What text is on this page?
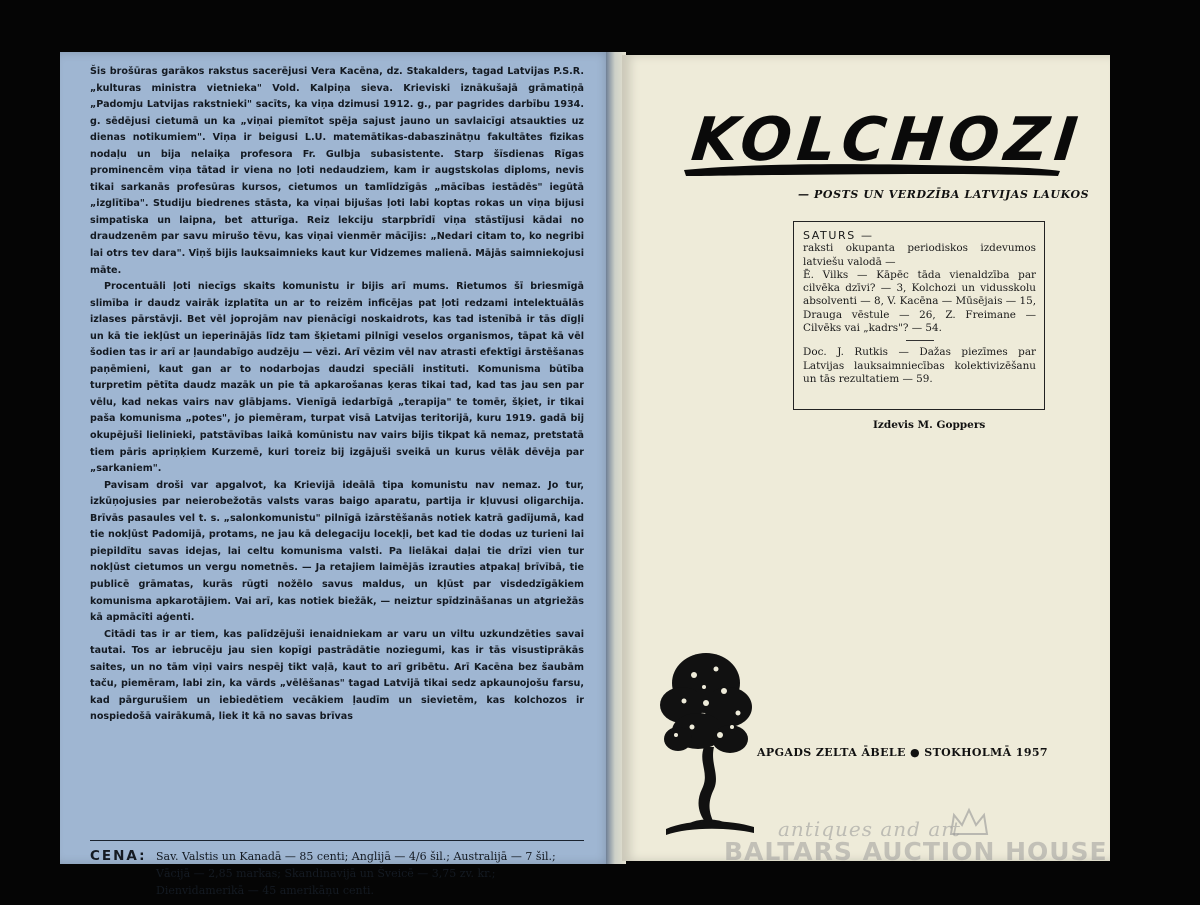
Šis brošūras garākos rakstus sacerējusi Vera Kacēna, dz. Stakalders, tagad Latvijas P.S.R. „kulturas ministra vietnieka" Vold. Kalpiņa sieva. Krieviski iznākušajā grāmatiņā „Padomju Latvijas rakstnieki" sacīts, ka viņa dzimusi 1912. g., par pagrides darbību 1934. g. sēdējusi cietumā un ka „viņai piemītot spēja sajust jauno un savlaicīgi atsaukties uz dienas notikumiem". Viņa ir beigusi L.U. matemātikas-dabaszinātņu fakultātes fizikas nodaļu un bija nelaiķa profesora Fr. Gulbja subasistente. Starp šīsdienas Rīgas prominencēm viņa tātad ir viena no ļoti nedaudziem, kam ir augstskolas diploms, nevis tikai sarkanās profesūras kursos, cietumos un tamlīdzīgās „mācības iestādēs" iegūtā „izglītība". Studiju biedrenes stāsta, ka viņai bijušas ļoti labi koptas rokas un viņa bijusi simpatiska un laipna, bet atturīga. Reiz lekciju starpbrīdī viņa stāstījusi kādai no draudzenēm par savu mirušo tēvu, kas viņai vienmēr mācījis: „Nedari citam to, ko negribi lai otrs tev dara". Viņš bijis lauksaimnieks kaut kur Vidzemes malienā. Mājās saimniekojusi māte.

Procentuāli ļoti niecīgs skaits komunistu ir bijis arī mums. Rietumos šī briesmīgā slimība ir daudz vairāk izplatīta un ar to reizēm inficējas pat ļoti redzami intelektuālās izlases pārstāvji. Bet vēl joprojām nav pienācīgi noskaidrots, kas tad istenībā ir tās dīgļi un kā tie iekļūst un ieperinājās līdz tam šķietami pilnīgi veselos organismos, tāpat kā vēl šodien tas ir arī ar ļaundabīgo audzēju — vēzi. Arī vēzim vēl nav atrasti efektīgi ārstēšanas paņēmieni, kaut gan ar to nodarbojas daudzi speciāli instituti. Komunisma būtība turpretim pētīta daudz mazāk un pie tā apkarošanas ķeras tikai tad, kad tas jau sen par vēlu, kad nekas vairs nav glābjams. Vienīgā iedarbīgā „terapija" te tomēr, šķiet, ir tikai paša komunisma „potes", jo piemēram, turpat visā Latvijas teritorijā, kuru 1919. gadā bij okupējuši lielinieki, patstāvības laikā komūnistu nav vairs bijis tikpat kā nemaz, pretstatā tiem pāris apriņķiem Kurzemē, kuri toreiz bij izgājuši sveikā un kurus vēlāk dēvēja par „sarkaniem".

Pavisam droši var apgalvot, ka Krievijā ideālā tipa komunistu nav nemaz. Jo tur, izkūņojusies par neierobežotās valsts varas baigo aparatu, partija ir kļuvusi oligarchija. Brīvās pasaules vel t. s. „salonkomunistu" pilnīgā izārstēšanās notiek katrā gadījumā, kad tie nokļūst Padomijā, protams, ne jau kā delegaciju locekļi, bet kad tie dodas uz turieni lai piepildītu savas idejas, lai celtu komunisma valsti. Pa lielākai daļai tie drīzi vien tur nokļūst cietumos un vergu nometnēs. — Ja retajiem laimējās izrauties atpakaļ brīvībā, tie publicē grāmatas, kurās rūgti nožēlo savus maldus, un kļūst par visdedzīgākiem komunisma apkarotājiem. Vai arī, kas notiek biežāk, — neiztur spīdzināšanas un atgriežās kā apmācīti aģenti.

Citādi tas ir ar tiem, kas palīdzējuši ienaidniekam ar varu un viltu uzkundzēties savai tautai. Tos ar iebrucēju jau sien kopīgi pastrādātie noziegumi, kas ir tās visustiprākās saites, un no tām viņi vairs nespēj tikt vaļā, kaut to arī gribētu. Arī Kacēna bez šaubām taču, piemēram, labi zin, ka vārds „vēlēšanas" tagad Latvijā tikai sedz apkaunojošu farsu, kad pārgurušiem un iebiedētiem vecākiem ļaudīm un sievietēm, kas kolchozos ir nospiedošā vairākumā, liek it kā no savas brīvas

CENA: Sav. Valstis un Kanadā — 85 centi; Anglijā — 4/6 šil.; Australijā — 7 šil.; Vācijā — 2,85 markas; Skandinavijā un Šveicē — 3,75 zv. kr.; Dienvidamerikā — 45 amerikāņu centi.
KOLCHOZI
— POSTS UN VERDZĪBA LATVIJAS LAUKOS
SATURS —
raksti okupanta periodiskos izdevumos latviešu valodā —
Ē. Vilks — Kāpēc tāda vienaldzība par cilvēka dzīvi? — 3, Kolchozi un vidusskolu absolventi — 8, V. Kacēna — Mūsējais — 15, Drauga vēstule — 26, Z. Freimane — Cilvēks vai „kadrs"? — 54.
Doc. J. Rutkis — Dažas piezīmes par Latvijas lauksaimniecības kolektivizēšanu un tās rezultatiem — 59.
Izdevis M. Goppers
APGADS ZELTA ĀBELE ● STOKHOLMĀ 1957
antiques and art
BALTARS AUCTION HOUSE
